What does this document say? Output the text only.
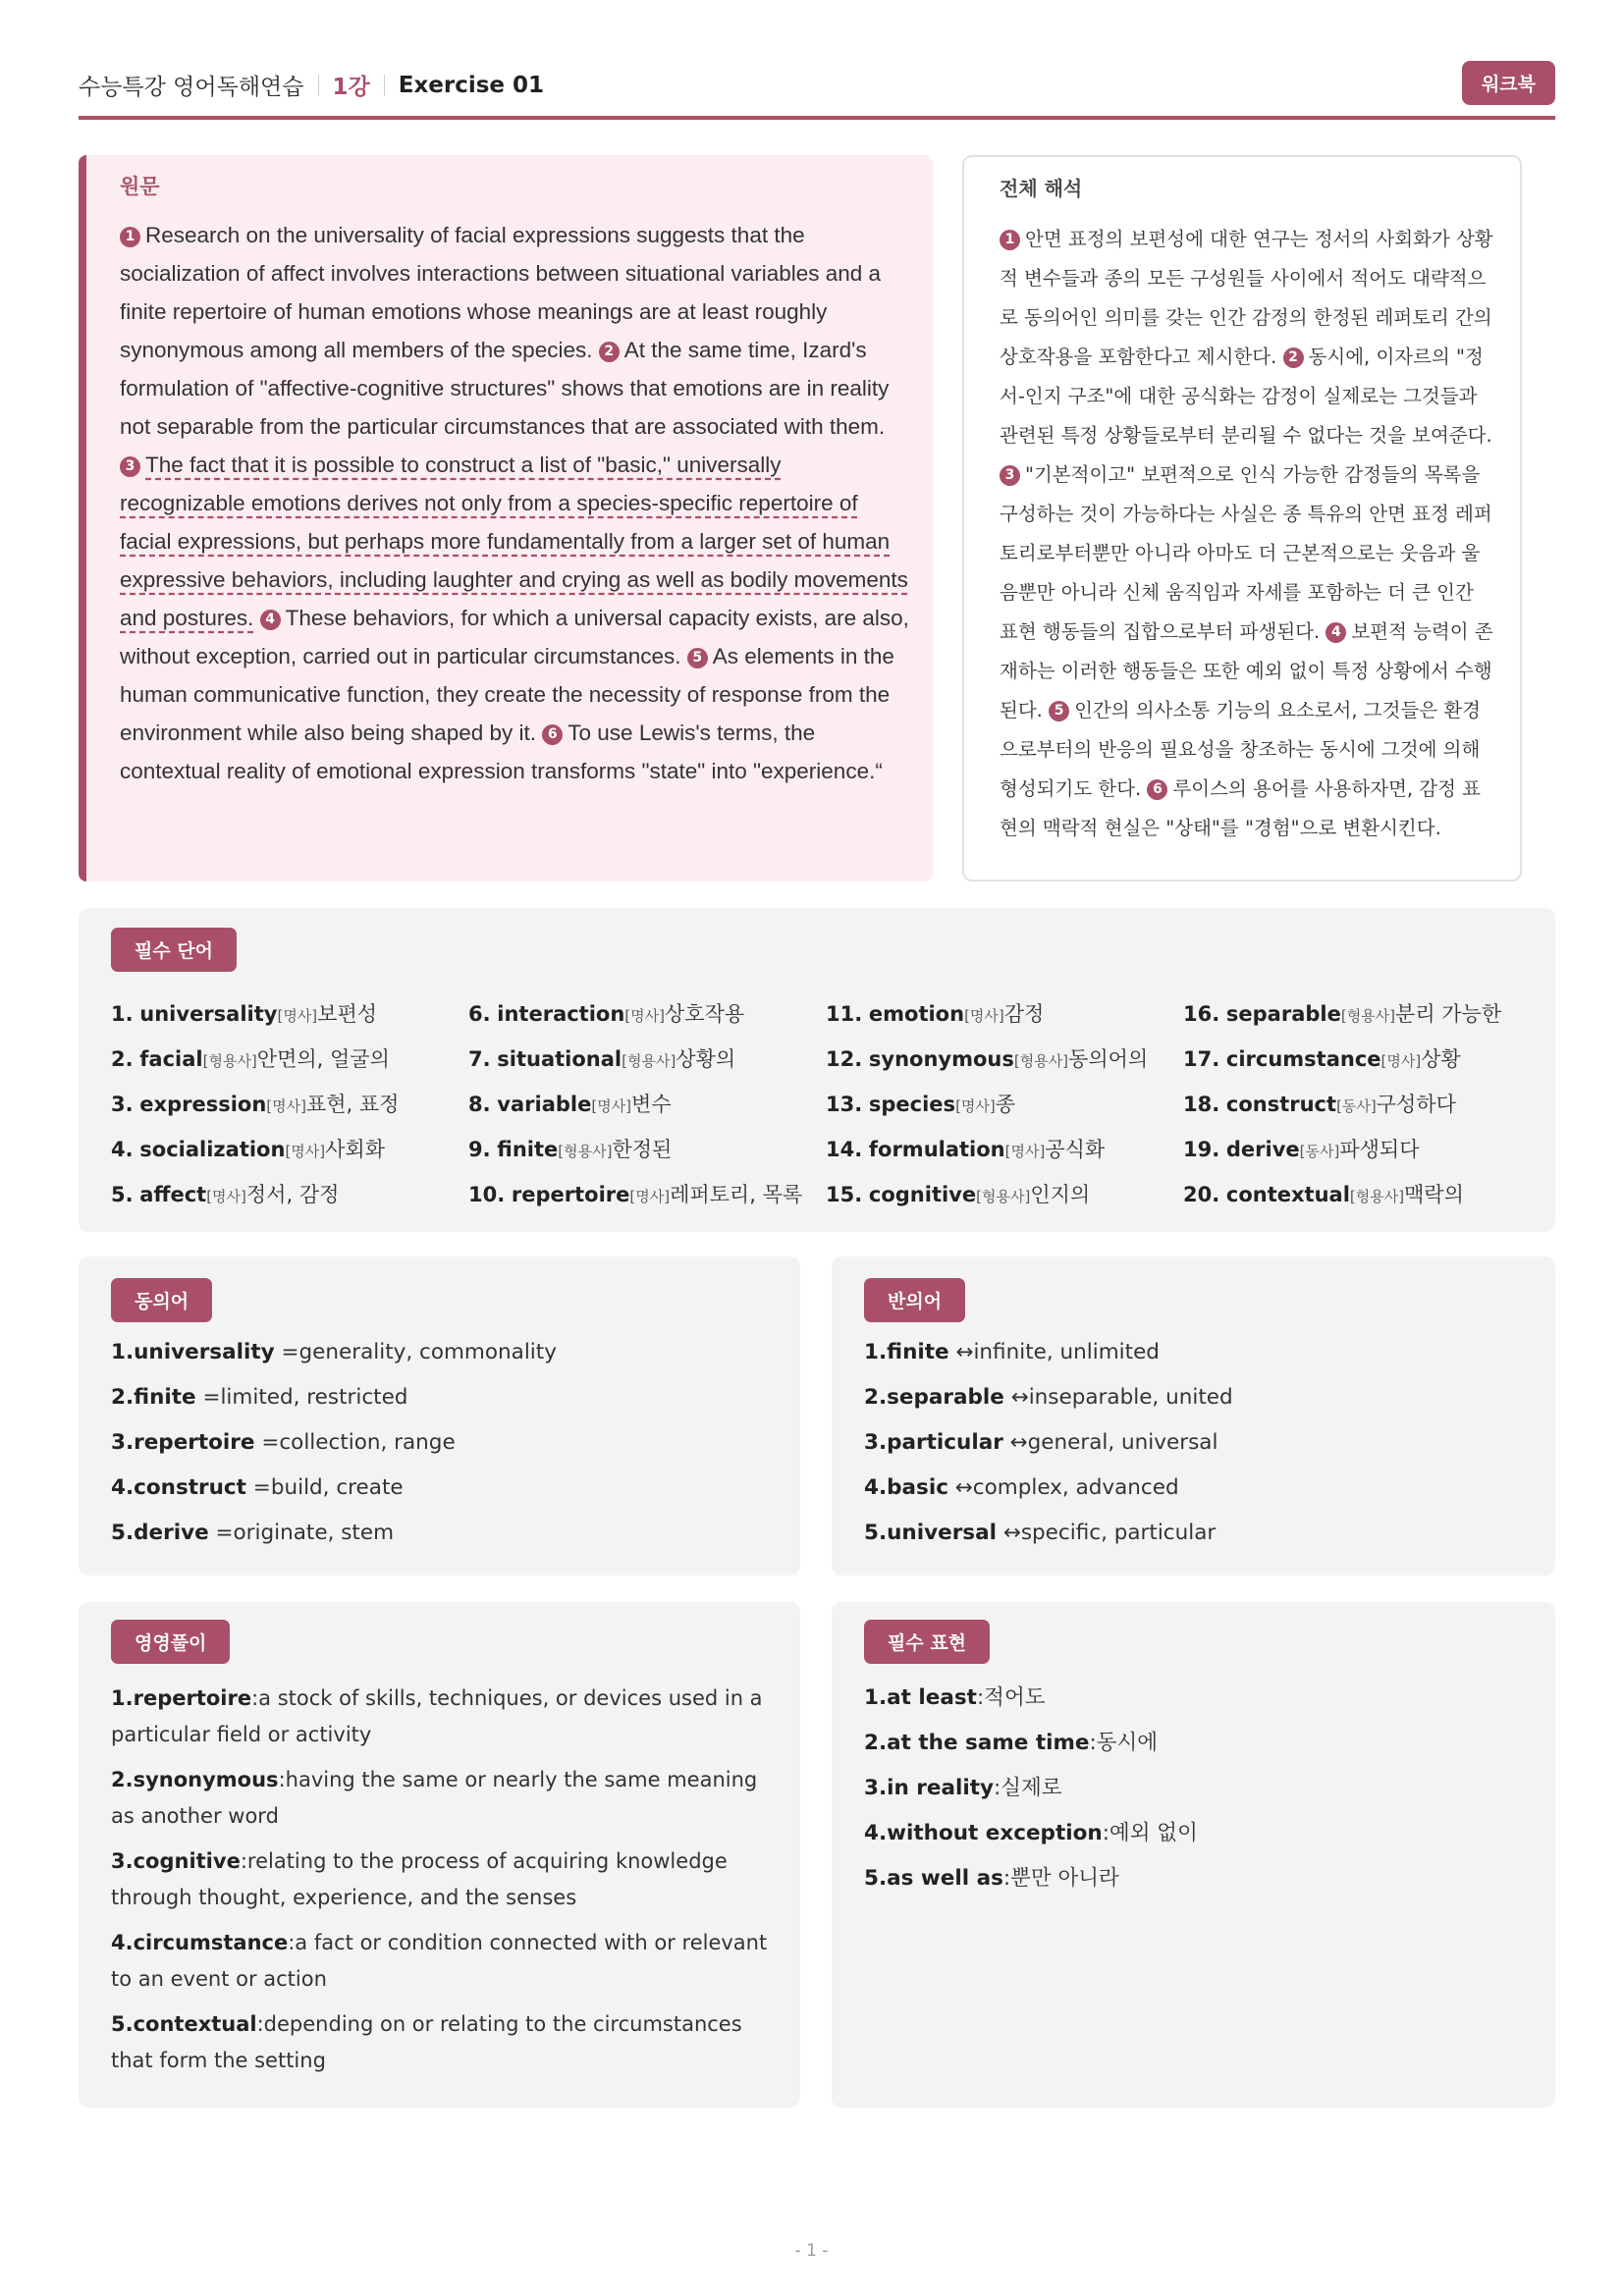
수능특강 영어독해연습 1강 Exercise 01	워크북
원문
1 Research on the universality of facial expressions suggests that the socialization of affect involves interactions between situational variables and a finite repertoire of human emotions whose meanings are at least roughly synonymous among all members of the species. 2 At the same time, Izard's formulation of "affective-cognitive structures" shows that emotions are in reality not separable from the particular circumstances that are associated with them. 3 The fact that it is possible to construct a list of "basic," universally recognizable emotions derives not only from a species-specific repertoire of facial expressions, but perhaps more fundamentally from a larger set of human expressive behaviors, including laughter and crying as well as bodily movements and postures. 4 These behaviors, for which a universal capacity exists, are also, without exception, carried out in particular circumstances. 5 As elements in the human communicative function, they create the necessity of response from the environment while also being shaped by it. 6 To use Lewis's terms, the contextual reality of emotional expression transforms "state" into "experience.“
전체 해석
1 안면 표정의 보편성에 대한 연구는 정서의 사회화가 상황적 변수들과 종의 모든 구성원들 사이에서 적어도 대략적으로 동의어인 의미를 갖는 인간 감정의 한정된 레퍼토리 간의 상호작용을 포함한다고 제시한다. 2 동시에, 이자르의 "정서-인지 구조"에 대한 공식화는 감정이 실제로는 그것들과 관련된 특정 상황들로부터 분리될 수 없다는 것을 보여준다. 3 "기본적이고" 보편적으로 인식 가능한 감정들의 목록을 구성하는 것이 가능하다는 사실은 종 특유의 안면 표정 레퍼토리로부터뿐만 아니라 아마도 더 근본적으로는 웃음과 울음뿐만 아니라 신체 움직임과 자세를 포함하는 더 큰 인간 표현 행동들의 집합으로부터 파생된다. 4 보편적 능력이 존재하는 이러한 행동들은 또한 예외 없이 특정 상황에서 수행된다. 5 인간의 의사소통 기능의 요소로서, 그것들은 환경으로부터의 반응의 필요성을 창조하는 동시에 그것에 의해 형성되기도 한다. 6 루이스의 용어를 사용하자면, 감정 표현의 맥락적 현실은 "상태"를 "경험"으로 변환시킨다.
필수 단어
1. universality[명사]보편성
2. facial[형용사]안면의, 얼굴의
3. expression[명사]표현, 표정
4. socialization[명사]사회화
5. affect[명사]정서, 감정
6. interaction[명사]상호작용
7. situational[형용사]상황의
8. variable[명사]변수
9. finite[형용사]한정된
10. repertoire[명사]레퍼토리, 목록
11. emotion[명사]감정
12. synonymous[형용사]동의어의
13. species[명사]종
14. formulation[명사]공식화
15. cognitive[형용사]인지의
16. separable[형용사]분리 가능한
17. circumstance[명사]상황
18. construct[동사]구성하다
19. derive[동사]파생되다
20. contextual[형용사]맥락의
동의어
1.universality =generality, commonality
2.finite =limited, restricted
3.repertoire =collection, range
4.construct =build, create
5.derive =originate, stem
반의어
1.finite ↔infinite, unlimited
2.separable ↔inseparable, united
3.particular ↔general, universal
4.basic ↔complex, advanced
5.universal ↔specific, particular
영영풀이
1.repertoire:a stock of skills, techniques, or devices used in a particular field or activity
2.synonymous:having the same or nearly the same meaning as another word
3.cognitive:relating to the process of acquiring knowledge through thought, experience, and the senses
4.circumstance:a fact or condition connected with or relevant to an event or action
5.contextual:depending on or relating to the circumstances that form the setting
필수 표현
1.at least:적어도
2.at the same time:동시에
3.in reality:실제로
4.without exception:예외 없이
5.as well as:뿐만 아니라
- 1 -
